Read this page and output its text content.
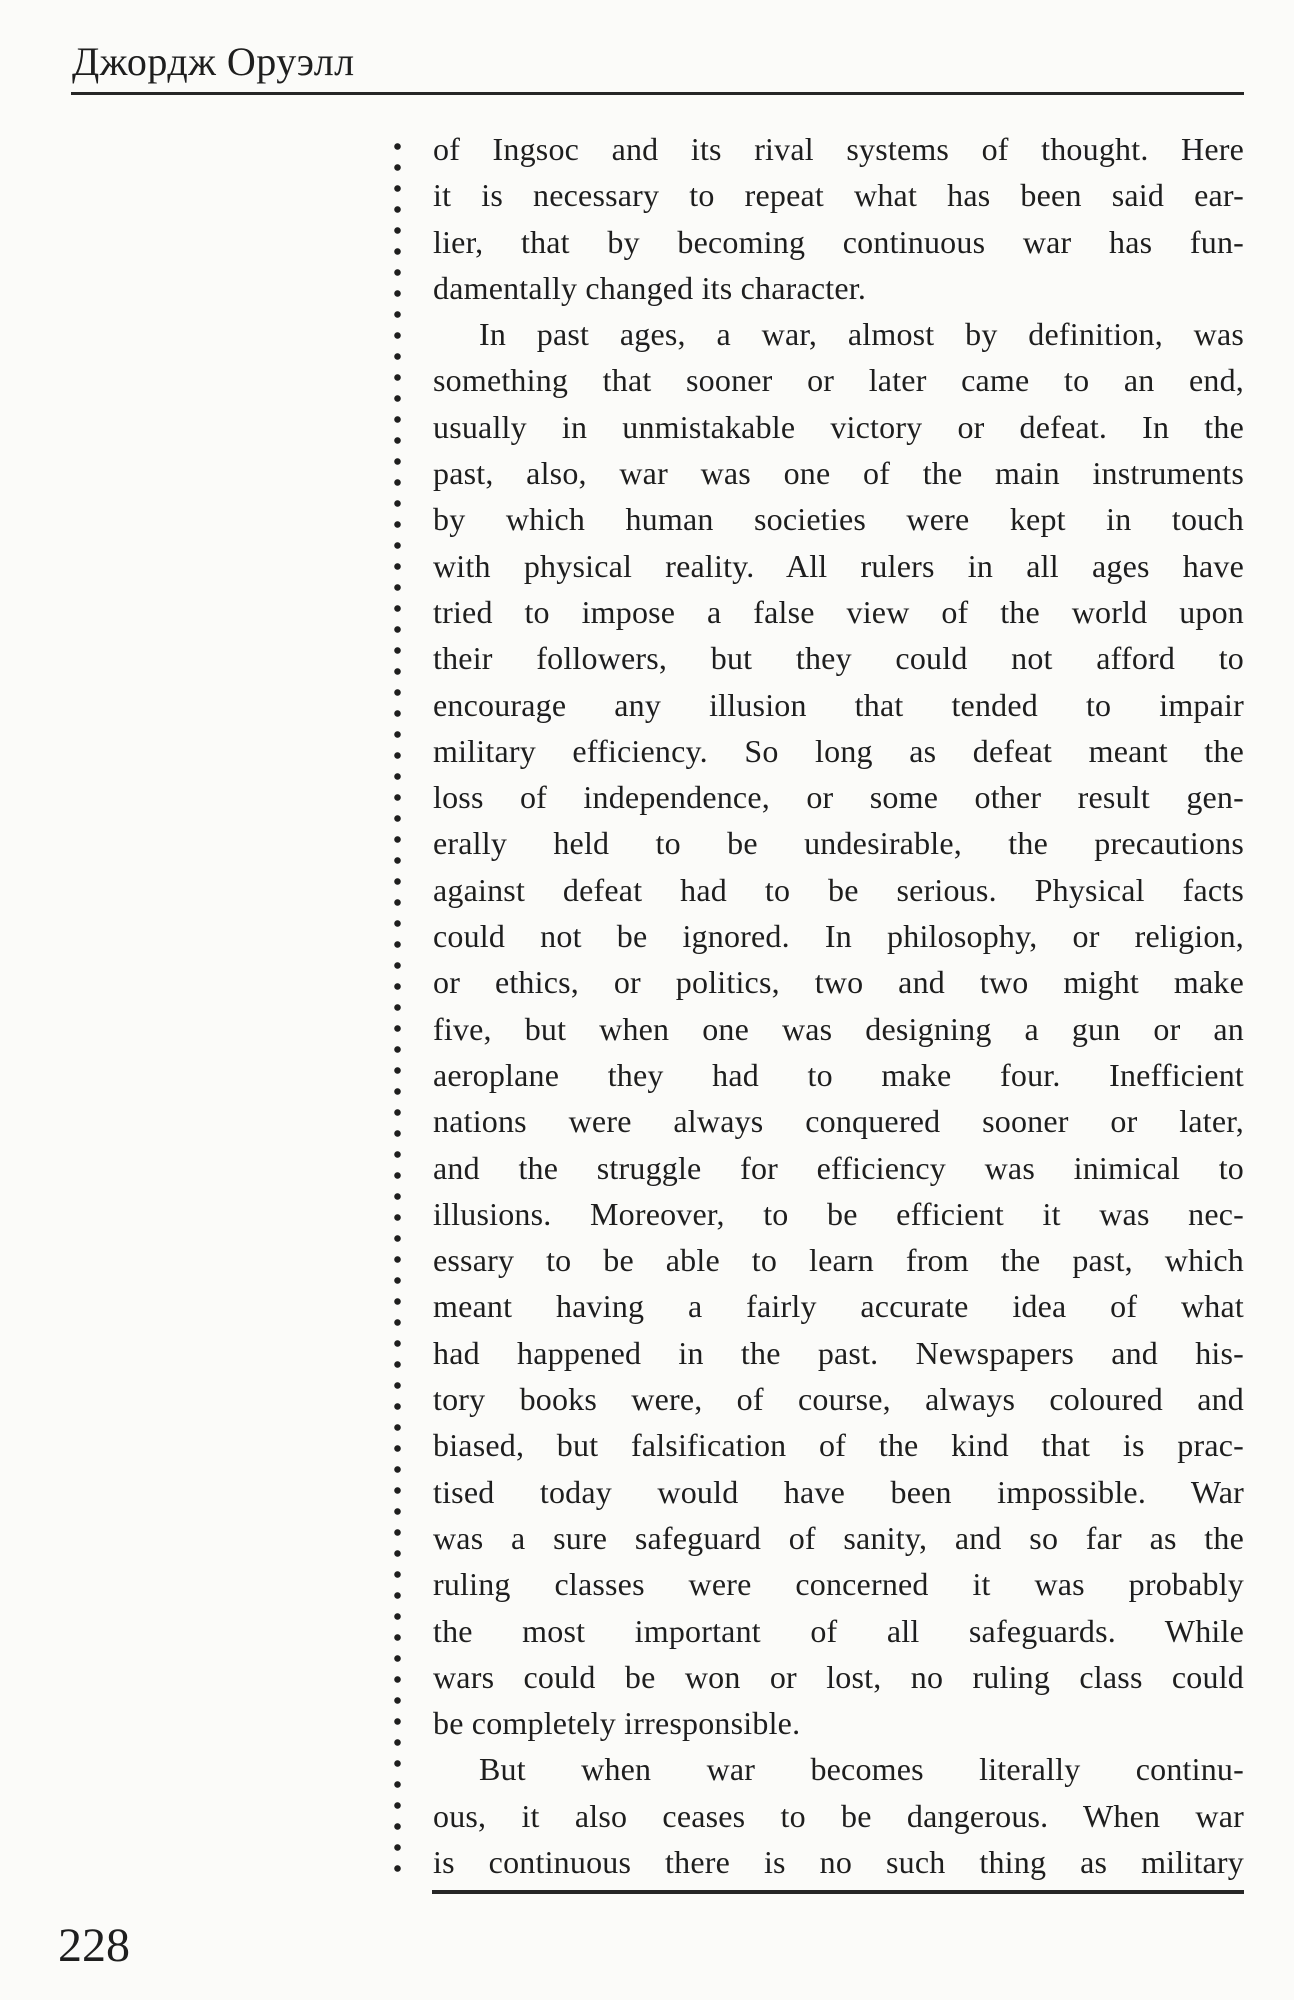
Джордж Оруэлл
of Ingsoc and its rival systems of thought. Here
it is necessary to repeat what has been said ear-
lier, that by becoming continuous war has fun-
damentally changed its character.
In past ages, a war, almost by definition, was
something that sooner or later came to an end,
usually in unmistakable victory or defeat. In the
past, also, war was one of the main instruments
by which human societies were kept in touch
with physical reality. All rulers in all ages have
tried to impose a false view of the world upon
their followers, but they could not afford to
encourage any illusion that tended to impair
military efficiency. So long as defeat meant the
loss of independence, or some other result gen-
erally held to be undesirable, the precautions
against defeat had to be serious. Physical facts
could not be ignored. In philosophy, or religion,
or ethics, or politics, two and two might make
five, but when one was designing a gun or an
aeroplane they had to make four. Inefficient
nations were always conquered sooner or later,
and the struggle for efficiency was inimical to
illusions. Moreover, to be efficient it was nec-
essary to be able to learn from the past, which
meant having a fairly accurate idea of what
had happened in the past. Newspapers and his-
tory books were, of course, always coloured and
biased, but falsification of the kind that is prac-
tised today would have been impossible. War
was a sure safeguard of sanity, and so far as the
ruling classes were concerned it was probably
the most important of all safeguards. While
wars could be won or lost, no ruling class could
be completely irresponsible.
But when war becomes literally continu-
ous, it also ceases to be dangerous. When war
is continuous there is no such thing as military
228
